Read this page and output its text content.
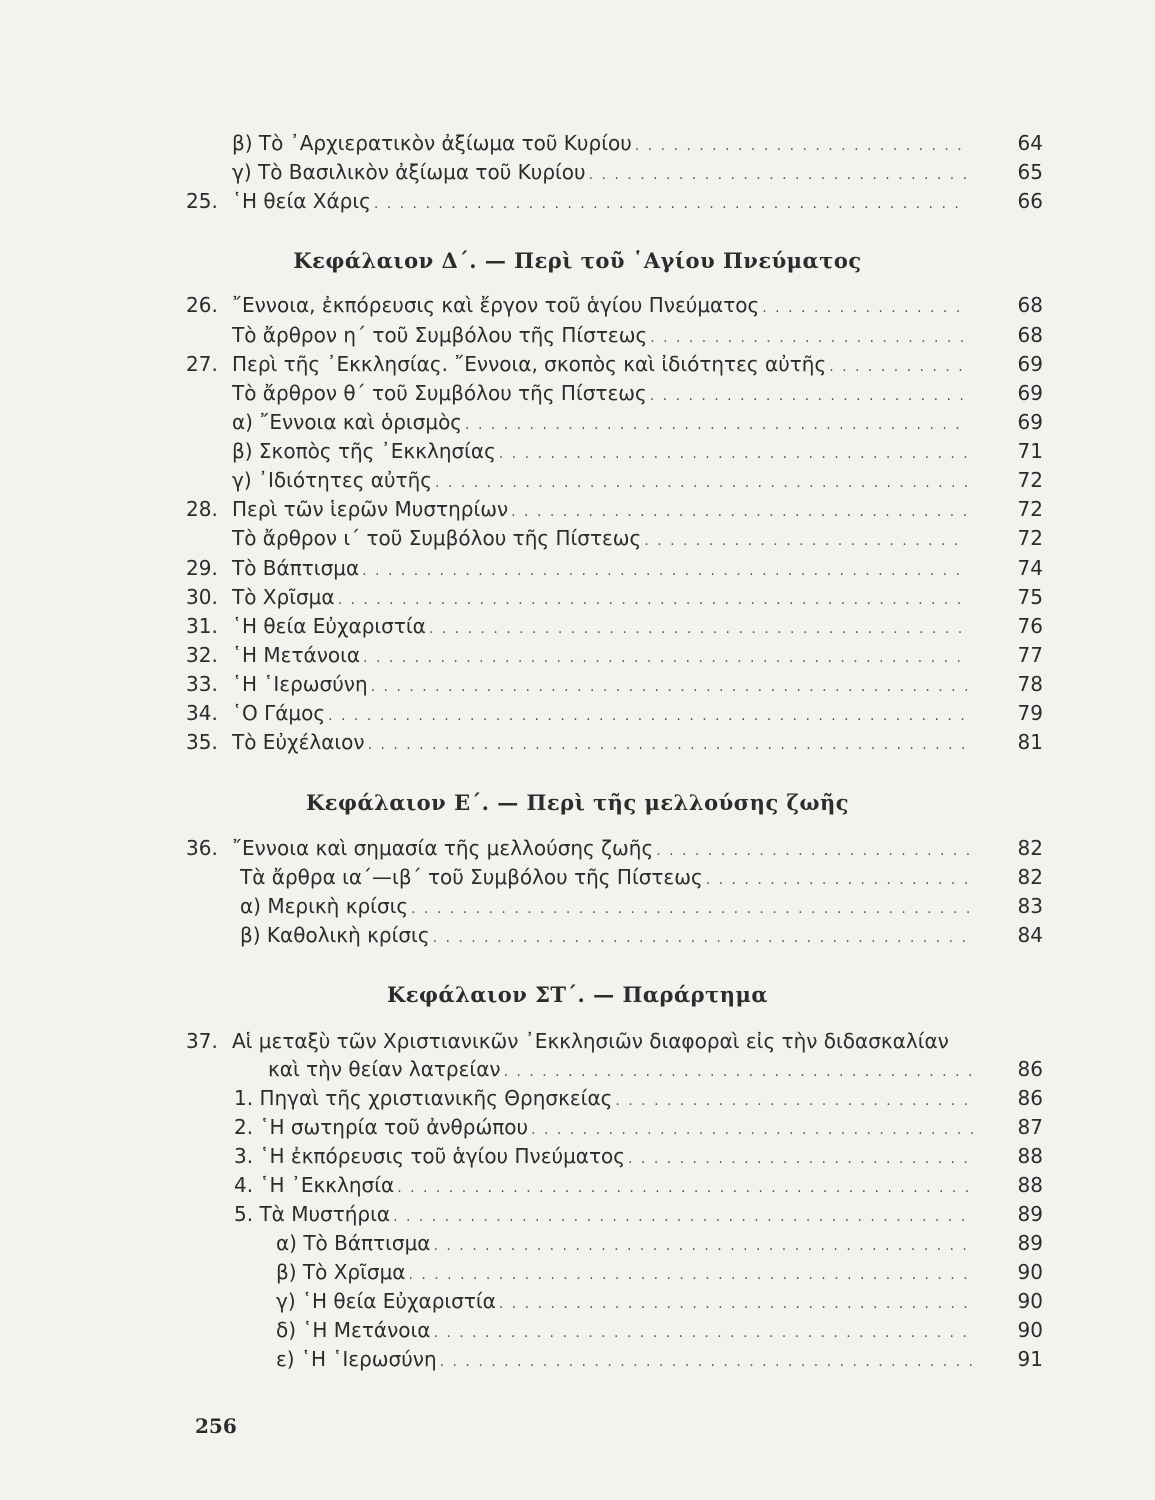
β) Τὸ ᾿Αρχιερατικὸν ἀξίωμα τοῦ Κυρίου . . .	64
γ) Τὸ Βασιλικὸν ἀξίωμα τοῦ Κυρίου . . .	65
25. ῾Η θεία Χάρις . . .	66
Κεφάλαιον Δ΄. — Περὶ τοῦ ῾Αγίου Πνεύματος
26. ῎Εννοια, ἐκπόρευσις καὶ ἔργον τοῦ ἁγίου Πνεύματος . . .	68
Τὸ ἄρθρον η΄ τοῦ Συμβόλου τῆς Πίστεως . . .	68
27. Περὶ τῆς ᾿Εκκλησίας. ῎Εννοια, σκοπὸς καὶ ἰδιότητες αὐτῆς . . .	69
Τὸ ἄρθρον θ΄ τοῦ Συμβόλου τῆς Πίστεως . . .	69
α) ῎Εννοια καὶ ὁρισμὸς . . .	69
β) Σκοπὸς τῆς ᾿Εκκλησίας . . .	71
γ) ᾿Ιδιότητες αὐτῆς . . .	72
28. Περὶ τῶν ἱερῶν Μυστηρίων . . .	72
Τὸ ἄρθρον ι΄ τοῦ Συμβόλου τῆς Πίστεως . . .	72
29. Τὸ Βάπτισμα . . .	74
30. Τὸ Χρῖσμα . . .	75
31. ῾Η θεία Εὐχαριστία . . .	76
32. ῾Η Μετάνοια . . .	77
33. ῾Η ῾Ιερωσύνη . . .	78
34. ῾Ο Γάμος . . .	79
35. Τὸ Εὐχέλαιον . . .	81
Κεφάλαιον Ε΄. — Περὶ τῆς μελλούσης ζωῆς
36. ῎Εννοια καὶ σημασία τῆς μελλούσης ζωῆς . . .	82
Τὰ ἄρθρα ια΄—ιβ΄ τοῦ Συμβόλου τῆς Πίστεως . . .	82
α) Μερικὴ κρίσις . . .	83
β) Καθολικὴ κρίσις . . .	84
Κεφάλαιον ΣΤ΄. — Παράρτημα
37. Αἱ μεταξὺ τῶν Χριστιανικῶν ᾿Εκκλησιῶν διαφοραὶ εἰς τὴν διδασκαλίαν
καὶ τὴν θείαν λατρείαν . . .	86
1. Πηγαὶ τῆς χριστιανικῆς Θρησκείας . . .	86
2. ῾Η σωτηρία τοῦ ἀνθρώπου . . .	87
3. ῾Η ἐκπόρευσις τοῦ ἁγίου Πνεύματος . . .	88
4. ῾Η ᾿Εκκλησία . . .	88
5. Τὰ Μυστήρια . . .	89
α) Τὸ Βάπτισμα . . .	89
β) Τὸ Χρῖσμα . . .	90
γ) ῾Η θεία Εὐχαριστία . . .	90
δ) ῾Η Μετάνοια . . .	90
ε) ῾Η ῾Ιερωσύνη . . .	91
256
